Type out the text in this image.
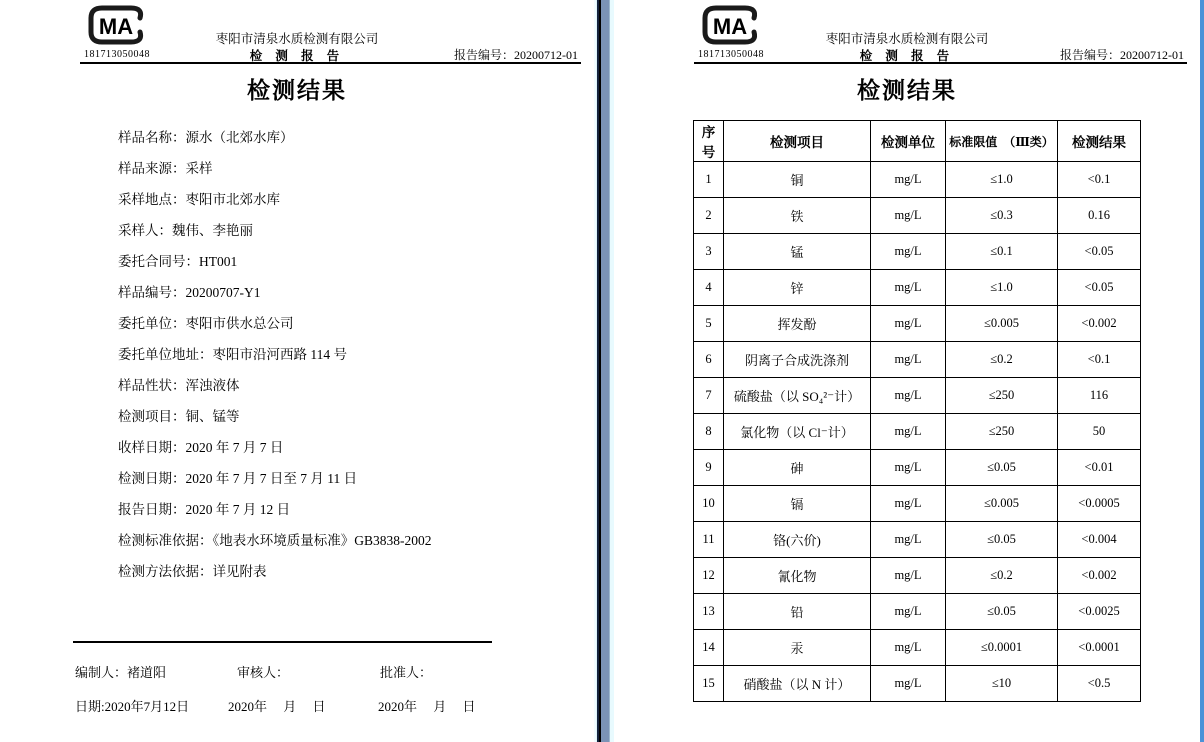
MA
181713050048
枣阳市清泉水质检测有限公司
检 测 报 告	报告编号：20200712-01
检测结果
样品名称：源水（北郊水库）
样品来源：采样
采样地点：枣阳市北郊水库
采样人：魏伟、李艳丽
委托合同号：HT001
样品编号：20200707-Y1
委托单位：枣阳市供水总公司
委托单位地址：枣阳市沿河西路 114 号
样品性状：浑浊液体
检测项目：铜、锰等
收样日期：2020 年 7 月 7 日
检测日期：2020 年 7 月 7 日至 7 月 11 日
报告日期：2020 年 7 月 12 日
检测标准依据：《地表水环境质量标准》GB3838-2002
检测方法依据：详见附表
编制人：褚道阳	审核人：	批准人：
日期:2020年7月12日	2020年　 月　 日	2020年　 月　 日
MA
181713050048
枣阳市清泉水质检测有限公司
检 测 报 告	报告编号：20200712-01
检测结果
序号	检测项目	检测单位	标准限值　（Ⅲ类）	检测结果
1	铜	mg/L	≤1.0	<0.1
2	铁	mg/L	≤0.3	0.16
3	锰	mg/L	≤0.1	<0.05
4	锌	mg/L	≤1.0	<0.05
5	挥发酚	mg/L	≤0.005	<0.002
6	阴离子合成洗涤剂	mg/L	≤0.2	<0.1
7	硫酸盐（以 SO₄²⁻计）	mg/L	≤250	116
8	氯化物（以 Cl⁻计）	mg/L	≤250	50
9	砷	mg/L	≤0.05	<0.01
10	镉	mg/L	≤0.005	<0.0005
11	铬(六价)	mg/L	≤0.05	<0.004
12	氰化物	mg/L	≤0.2	<0.002
13	铅	mg/L	≤0.05	<0.0025
14	汞	mg/L	≤0.0001	<0.0001
15	硝酸盐（以 N 计）	mg/L	≤10	<0.5
